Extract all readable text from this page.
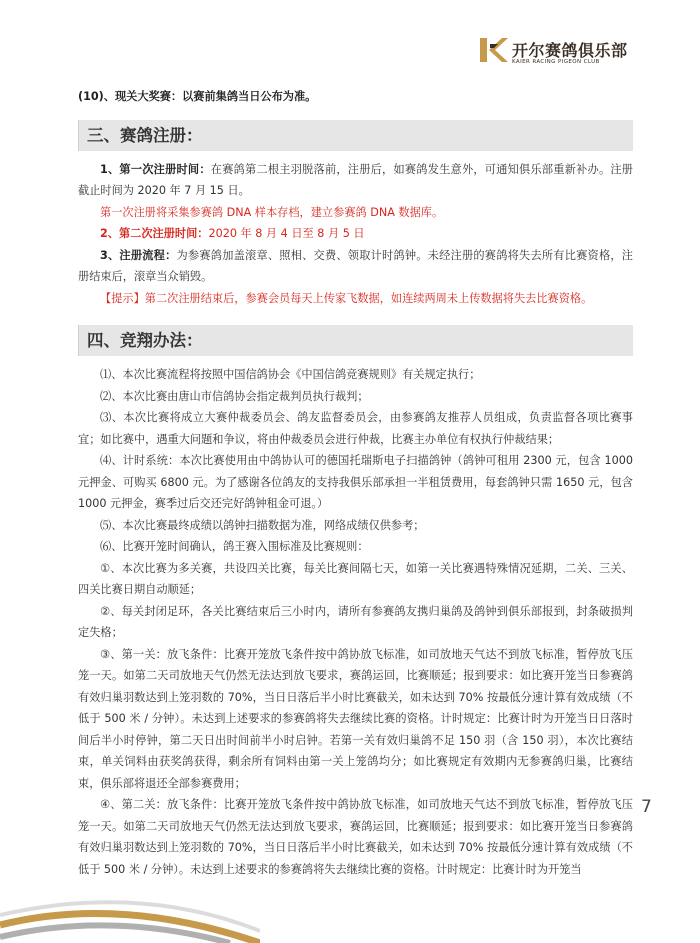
开尔赛鸽俱乐部
KAIER RACING PIGEON CLUB

(10)、现关大奖赛：以赛前集鸽当日公布为准。

三、赛鸽注册：

1、第一次注册时间：在赛鸽第二根主羽脱落前，注册后，如赛鸽发生意外，可通知俱乐部重新补办。注册截止时间为 2020 年 7 月 15 日。

第一次注册将采集参赛鸽 DNA 样本存档，建立参赛鸽 DNA 数据库。

2、第二次注册时间：2020 年 8 月 4 日至 8 月 5 日

3、注册流程：为参赛鸽加盖滚章、照相、交费、领取计时鸽钟。未经注册的赛鸽将失去所有比赛资格，注册结束后，滚章当众销毁。

【提示】第二次注册结束后，参赛会员每天上传家飞数据，如连续两周未上传数据将失去比赛资格。

四、竞翔办法：

⑴、本次比赛流程将按照中国信鸽协会《中国信鸽竞赛规则》有关规定执行；

⑵、本次比赛由唐山市信鸽协会指定裁判员执行裁判；

⑶、本次比赛将成立大赛仲裁委员会、鸽友监督委员会，由参赛鸽友推荐人员组成，负责监督各项比赛事宜；如比赛中，遇重大问题和争议，将由仲裁委员会进行仲裁，比赛主办单位有权执行仲裁结果；

⑷、计时系统：本次比赛使用由中鸽协认可的德国托瑞斯电子扫描鸽钟（鸽钟可租用 2300 元，包含 1000 元押金、可购买 6800 元。为了感谢各位鸽友的支持我俱乐部承担一半租赁费用，每套鸽钟只需 1650 元，包含 1000 元押金，赛季过后交还完好鸽钟租金可退。）

⑸、本次比赛最终成绩以鸽钟扫描数据为准，网络成绩仅供参考；

⑹、比赛开笼时间确认，鸽王赛入围标准及比赛规则：

①、本次比赛为多关赛，共设四关比赛，每关比赛间隔七天，如第一关比赛遇特殊情况延期，二关、三关、四关比赛日期自动顺延；

②、每关封闭足环，各关比赛结束后三小时内，请所有参赛鸽友携归巢鸽及鸽钟到俱乐部报到，封条破损判定失格；

③、第一关：放飞条件：比赛开笼放飞条件按中鸽协放飞标准，如司放地天气达不到放飞标准，暂停放飞压笼一天。如第二天司放地天气仍然无法达到放飞要求，赛鸽运回，比赛顺延；报到要求：如比赛开笼当日参赛鸽有效归巢羽数达到上笼羽数的 70%，当日日落后半小时比赛截关，如未达到 70% 按最低分速计算有效成绩（不低于 500 米 / 分钟）。未达到上述要求的参赛鸽将失去继续比赛的资格。计时规定：比赛计时为开笼当日日落时间后半小时停钟，第二天日出时间前半小时启钟。若第一关有效归巢鸽不足 150 羽（含 150 羽），本次比赛结束，单关饲料由获奖鸽获得，剩余所有饲料由第一关上笼鸽均分；如比赛规定有效期内无参赛鸽归巢，比赛结束，俱乐部将退还全部参赛费用；

④、第二关：放飞条件：比赛开笼放飞条件按中鸽协放飞标准，如司放地天气达不到放飞标准，暂停放飞压笼一天。如第二天司放地天气仍然无法达到放飞要求，赛鸽运回，比赛顺延；报到要求：如比赛开笼当日参赛鸽有效归巢羽数达到上笼羽数的 70%，当日日落后半小时比赛截关，如未达到 70% 按最低分速计算有效成绩（不低于 500 米 / 分钟）。未达到上述要求的参赛鸽将失去继续比赛的资格。计时规定：比赛计时为开笼当

7
